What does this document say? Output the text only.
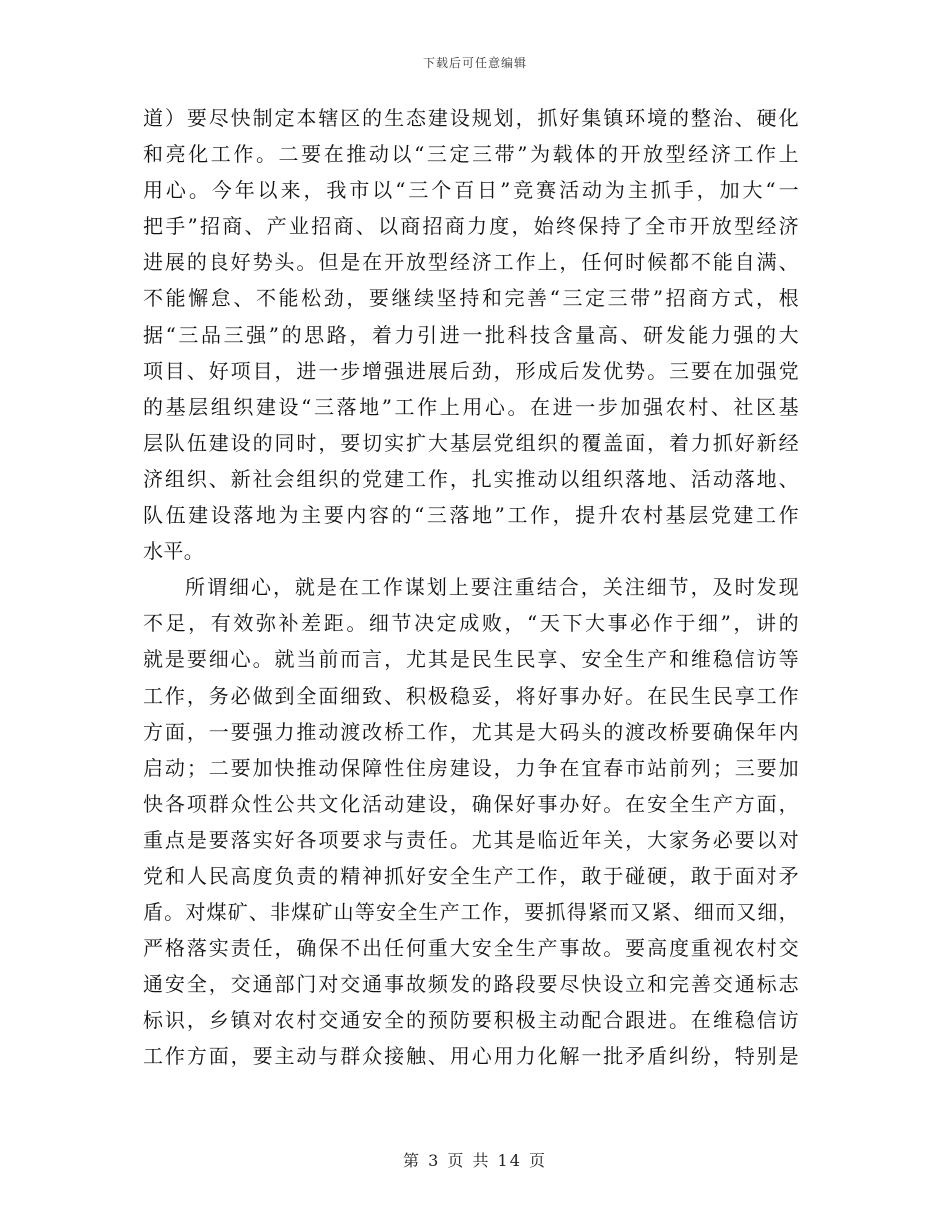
下载后可任意编辑
道）要尽快制定本辖区的生态建设规划，抓好集镇环境的整治、硬化
和亮化工作。二要在推动以“三定三带”为载体的开放型经济工作上
用心。今年以来，我市以“三个百日”竞赛活动为主抓手，加大“一
把手”招商、产业招商、以商招商力度，始终保持了全市开放型经济
进展的良好势头。但是在开放型经济工作上，任何时候都不能自满、
不能懈怠、不能松劲，要继续坚持和完善“三定三带”招商方式，根
据“三品三强”的思路，着力引进一批科技含量高、研发能力强的大
项目、好项目，进一步增强进展后劲，形成后发优势。三要在加强党
的基层组织建设“三落地”工作上用心。在进一步加强农村、社区基
层队伍建设的同时，要切实扩大基层党组织的覆盖面，着力抓好新经
济组织、新社会组织的党建工作，扎实推动以组织落地、活动落地、
队伍建设落地为主要内容的“三落地”工作，提升农村基层党建工作
水平。
所谓细心，就是在工作谋划上要注重结合，关注细节，及时发现
不足，有效弥补差距。细节决定成败，“天下大事必作于细”，讲的
就是要细心。就当前而言，尤其是民生民享、安全生产和维稳信访等
工作，务必做到全面细致、积极稳妥，将好事办好。在民生民享工作
方面，一要强力推动渡改桥工作，尤其是大码头的渡改桥要确保年内
启动；二要加快推动保障性住房建设，力争在宜春市站前列；三要加
快各项群众性公共文化活动建设，确保好事办好。在安全生产方面，
重点是要落实好各项要求与责任。尤其是临近年关，大家务必要以对
党和人民高度负责的精神抓好安全生产工作，敢于碰硬，敢于面对矛
盾。对煤矿、非煤矿山等安全生产工作，要抓得紧而又紧、细而又细，
严格落实责任，确保不出任何重大安全生产事故。要高度重视农村交
通安全，交通部门对交通事故频发的路段要尽快设立和完善交通标志
标识，乡镇对农村交通安全的预防要积极主动配合跟进。在维稳信访
工作方面，要主动与群众接触、用心用力化解一批矛盾纠纷，特别是
第 3 页 共 14 页
